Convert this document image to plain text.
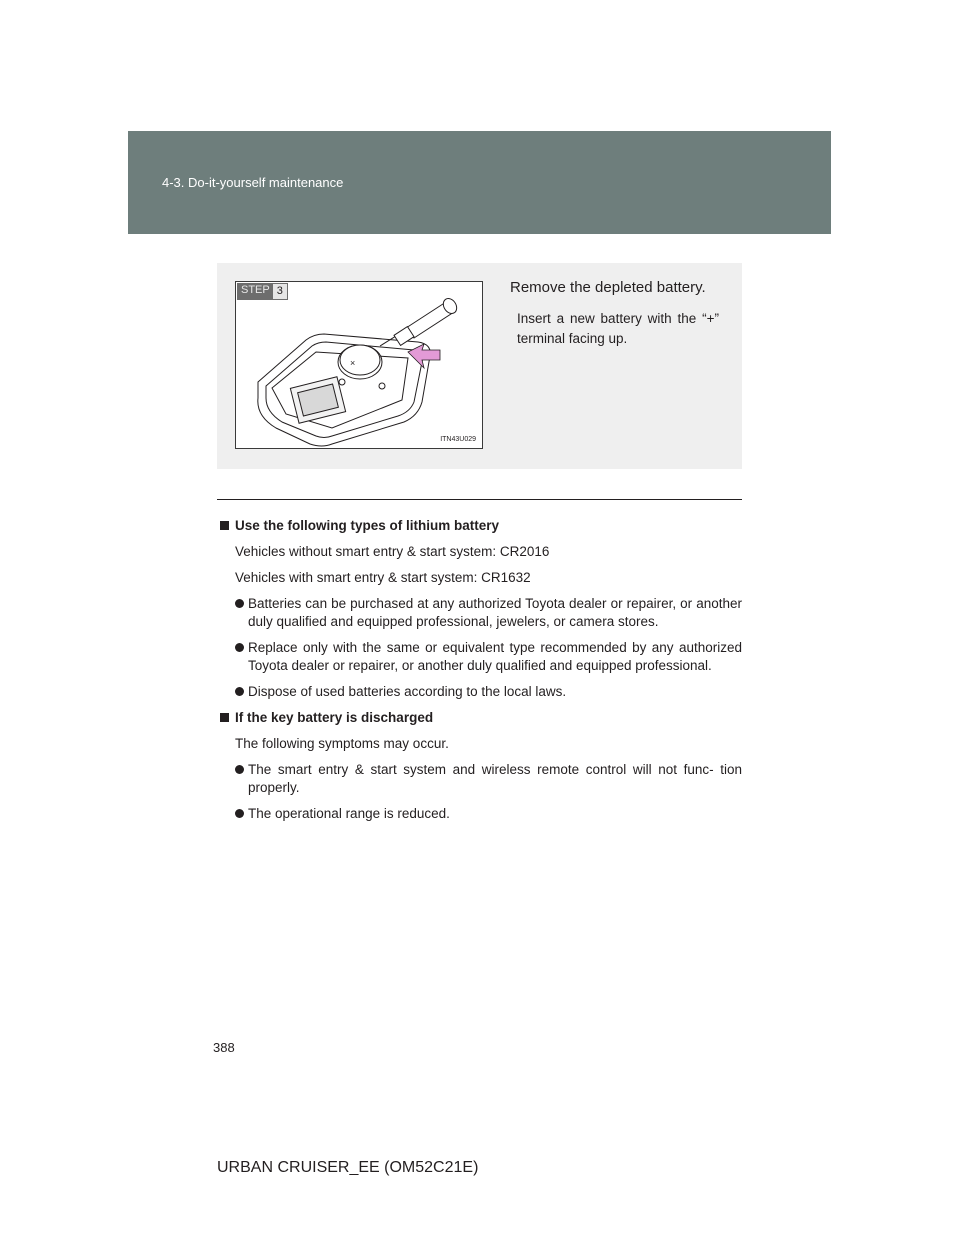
4-3. Do-it-yourself maintenance
×
STEP 3
ITN43U029
Remove the depleted battery.
Insert a new battery with the “+” terminal facing up.
Use the following types of lithium battery
Vehicles without smart entry & start system: CR2016
Vehicles with smart entry & start system: CR1632
Batteries can be purchased at any authorized Toyota dealer or repairer, or another duly qualified and equipped professional, jewelers, or camera stores.
Replace only with the same or equivalent type recommended by any authorized Toyota dealer or repairer, or another duly qualified and equipped professional.
Dispose of used batteries according to the local laws.
If the key battery is discharged
The following symptoms may occur.
The smart entry & start system and wireless remote control will not func- tion properly.
The operational range is reduced.
388
URBAN CRUISER_EE (OM52C21E)
